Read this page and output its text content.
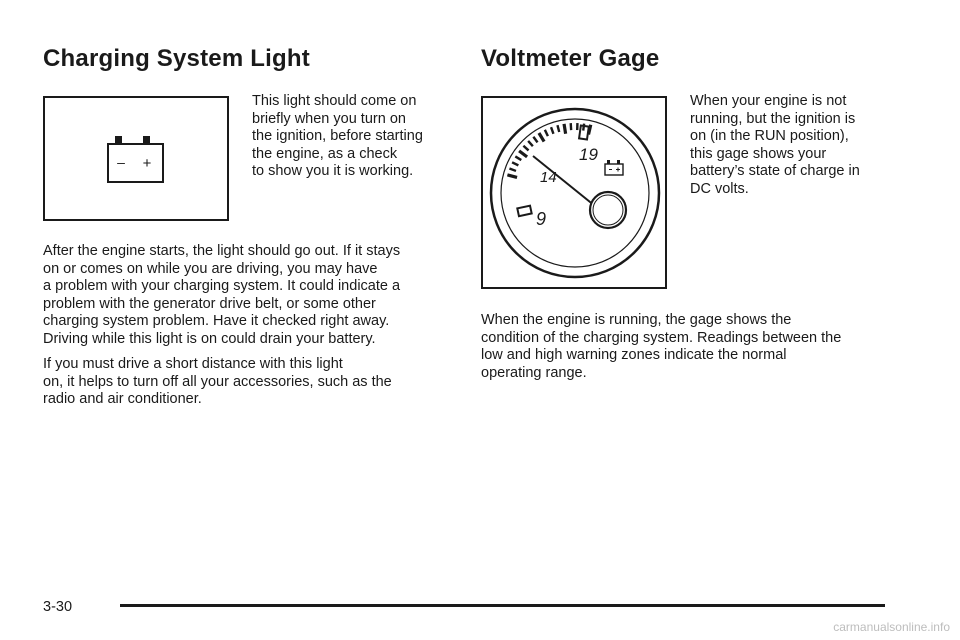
Charging System Light
– +

This light should come on
briefly when you turn on
the ignition, before starting
the engine, as a check
to show you it is working.

After the engine starts, the light should go out. If it stays
on or comes on while you are driving, you may have
a problem with your charging system. It could indicate a
problem with the generator drive belt, or some other
charging system problem. Have it checked right away.
Driving while this light is on could drain your battery.

If you must drive a short distance with this light
on, it helps to turn off all your accessories, such as the
radio and air conditioner.

Voltmeter Gage
19
14
9

When your engine is not
running, but the ignition is
on (in the RUN position),
this gage shows your
battery’s state of charge in
DC volts.

When the engine is running, the gage shows the
condition of the charging system. Readings between the
low and high warning zones indicate the normal
operating range.

3-30

carmanualsonline.info
